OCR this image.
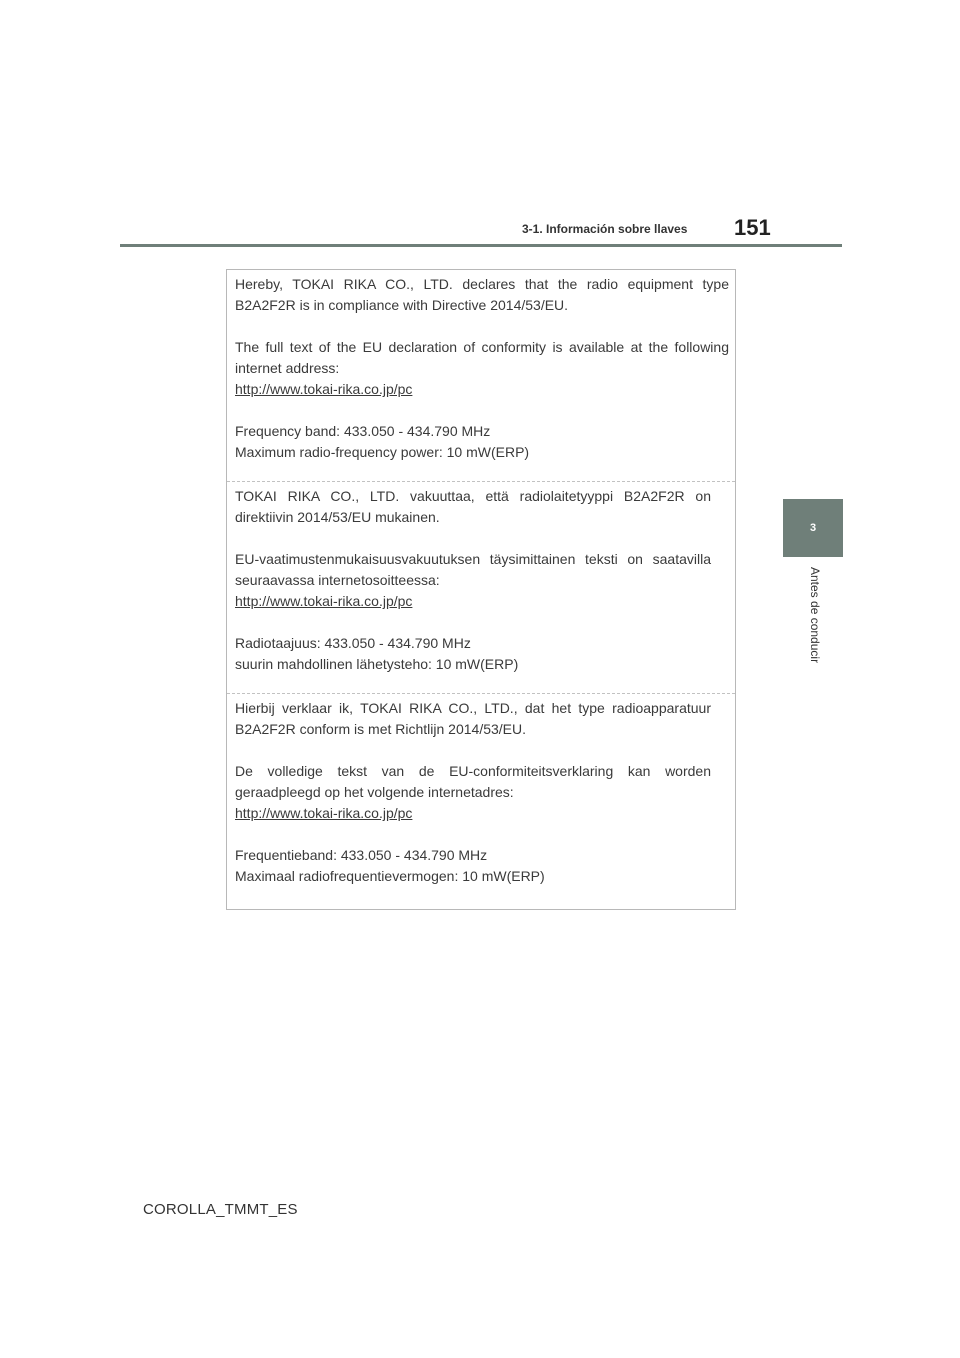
3-1. Información sobre llaves 151
3
Antes de conducir

Hereby, TOKAI RIKA CO., LTD. declares that the radio equipment type B2A2F2R is in compliance with Directive 2014/53/EU.

The full text of the EU declaration of conformity is available at the following internet address:
http://www.tokai-rika.co.jp/pc

Frequency band: 433.050 - 434.790 MHz
Maximum radio-frequency power: 10 mW(ERP)

TOKAI RIKA CO., LTD. vakuuttaa, että radiolaitetyyppi B2A2F2R on direktiivin 2014/53/EU mukainen.

EU-vaatimustenmukaisuusvakuutuksen täysimittainen teksti on saatavilla seuraavassa internetosoitteessa:
http://www.tokai-rika.co.jp/pc

Radiotaajuus: 433.050 - 434.790 MHz
suurin mahdollinen lähetysteho: 10 mW(ERP)

Hierbij verklaar ik, TOKAI RIKA CO., LTD., dat het type radioapparatuur B2A2F2R conform is met Richtlijn 2014/53/EU.

De volledige tekst van de EU-conformiteitsverklaring kan worden geraadpleegd op het volgende internetadres:
http://www.tokai-rika.co.jp/pc

Frequentieband: 433.050 - 434.790 MHz
Maximaal radiofrequentievermogen: 10 mW(ERP)

COROLLA_TMMT_ES
